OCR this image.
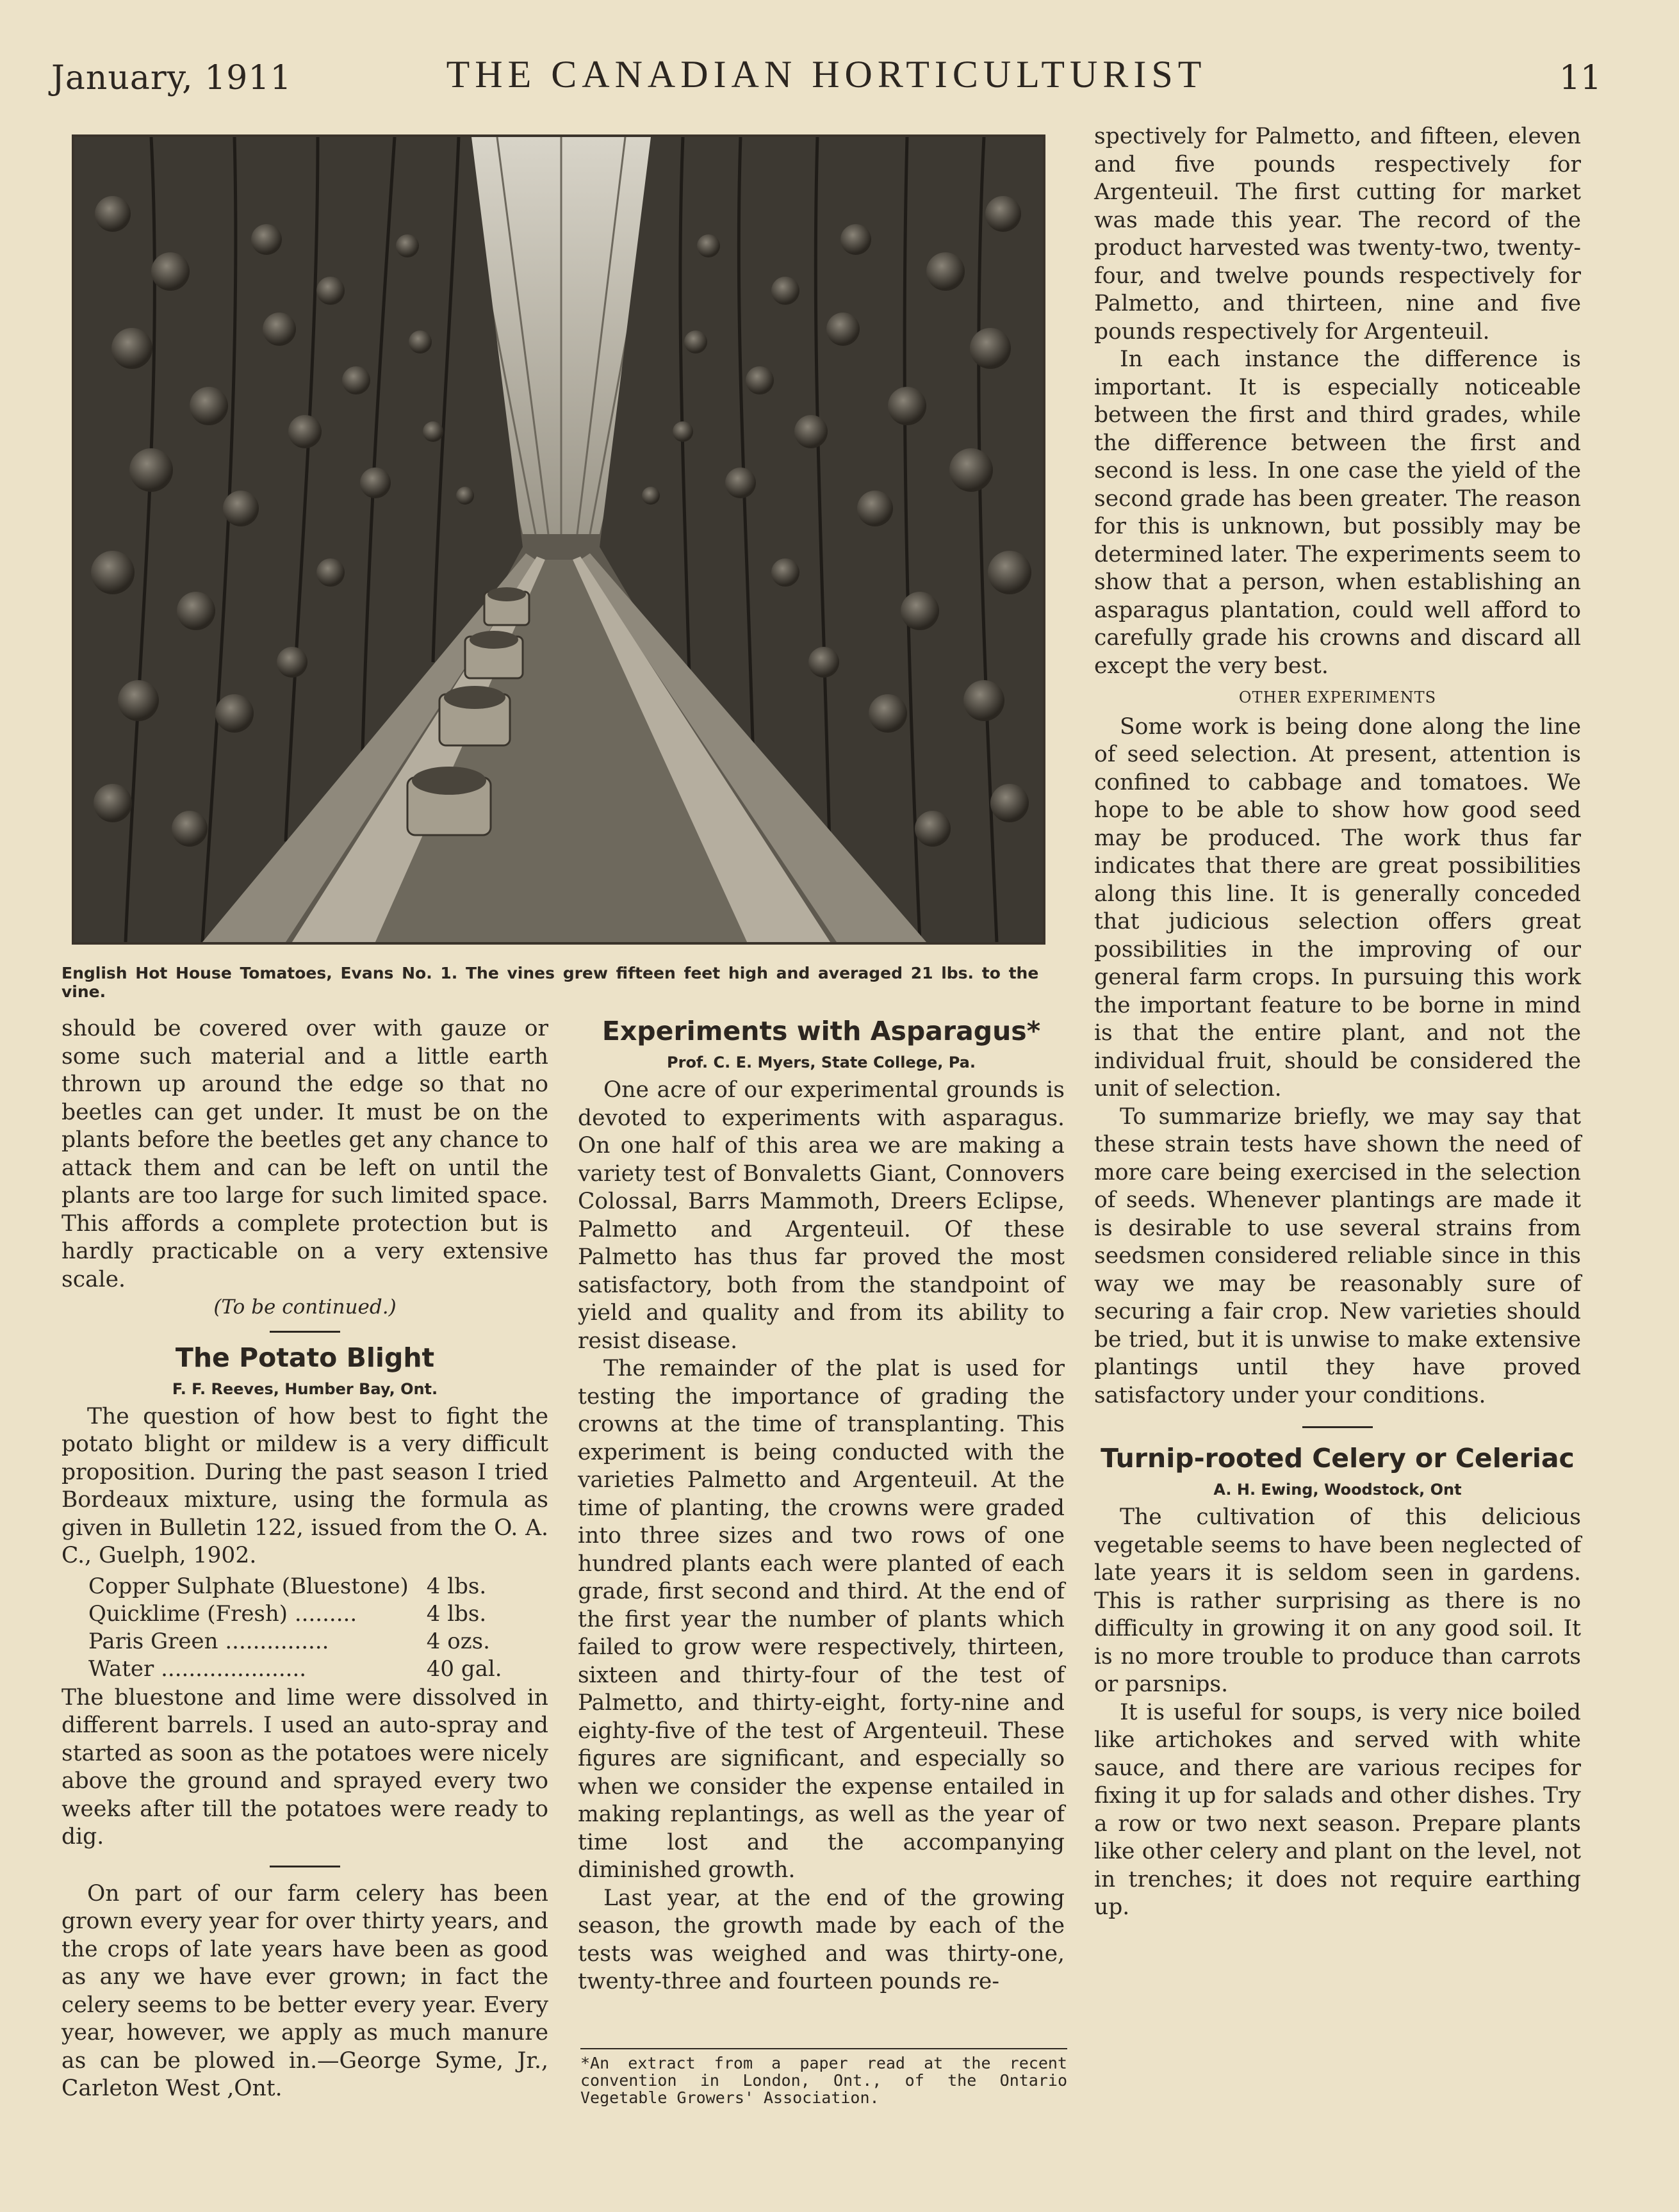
January, 1911	THE CANADIAN HORTICULTURIST	11
English Hot House Tomatoes, Evans No. 1. The vines grew fifteen feet high and averaged 21 lbs. to the vine.

should be covered over with gauze or some such material and a little earth thrown up around the edge so that no beetles can get under. It must be on the plants before the beetles get any chance to attack them and can be left on until the plants are too large for such limited space. This affords a complete protection but is hardly practicable on a very extensive scale.

(To be continued.)
The Potato Blight
F. F. Reeves, Humber Bay, Ont.

The question of how best to fight the potato blight or mildew is a very difficult proposition. During the past season I tried Bordeaux mixture, using the formula as given in Bulletin 122, issued from the O. A. C., Guelph, 1902.

Copper Sulphate (Bluestone)	4 lbs.
Quicklime (Fresh) .........	4 lbs.
Paris Green ...............	4 ozs.
Water .....................	40 gal.

The bluestone and lime were dissolved in different barrels. I used an auto-spray and started as soon as the potatoes were nicely above the ground and sprayed every two weeks after till the potatoes were ready to dig.

On part of our farm celery has been grown every year for over thirty years, and the crops of late years have been as good as any we have ever grown; in fact the celery seems to be better every year. Every year, however, we apply as much manure as can be plowed in.—George Syme, Jr., Carleton West ,Ont.

Experiments with Asparagus*
Prof. C. E. Myers, State College, Pa.

One acre of our experimental grounds is devoted to experiments with asparagus. On one half of this area we are making a variety test of Bonvaletts Giant, Connovers Colossal, Barrs Mammoth, Dreers Eclipse, Palmetto and Argenteuil. Of these Palmetto has thus far proved the most satisfactory, both from the standpoint of yield and quality and from its ability to resist disease.

The remainder of the plat is used for testing the importance of grading the crowns at the time of transplanting. This experiment is being conducted with the varieties Palmetto and Argenteuil. At the time of planting, the crowns were graded into three sizes and two rows of one hundred plants each were planted of each grade, first second and third. At the end of the first year the number of plants which failed to grow were respectively, thirteen, sixteen and thirty-four of the test of Palmetto, and thirty-eight, forty-nine and eighty-five of the test of Argenteuil. These figures are significant, and especially so when we consider the expense entailed in making replantings, as well as the year of time lost and the accompanying diminished growth.

Last year, at the end of the growing season, the growth made by each of the tests was weighed and was thirty-one, twenty-three and fourteen pounds re-

*An extract from a paper read at the recent convention in London, Ont., of the Ontario Vegetable Growers' Association.

spectively for Palmetto, and fifteen, eleven and five pounds respectively for Argenteuil. The first cutting for market was made this year. The record of the product harvested was twenty-two, twenty-four, and twelve pounds respectively for Palmetto, and thirteen, nine and five pounds respectively for Argenteuil.

In each instance the difference is important. It is especially noticeable between the first and third grades, while the difference between the first and second is less. In one case the yield of the second grade has been greater. The reason for this is unknown, but possibly may be determined later. The experiments seem to show that a person, when establishing an asparagus plantation, could well afford to carefully grade his crowns and discard all except the very best.

OTHER EXPERIMENTS

Some work is being done along the line of seed selection. At present, attention is confined to cabbage and tomatoes. We hope to be able to show how good seed may be produced. The work thus far indicates that there are great possibilities along this line. It is generally conceded that judicious selection offers great possibilities in the improving of our general farm crops. In pursuing this work the important feature to be borne in mind is that the entire plant, and not the individual fruit, should be considered the unit of selection.

To summarize briefly, we may say that these strain tests have shown the need of more care being exercised in the selection of seeds. Whenever plantings are made it is desirable to use several strains from seedsmen considered reliable since in this way we may be reasonably sure of securing a fair crop. New varieties should be tried, but it is unwise to make extensive plantings until they have proved satisfactory under your conditions.

Turnip-rooted Celery or Celeriac
A. H. Ewing, Woodstock, Ont

The cultivation of this delicious vegetable seems to have been neglected of late years it is seldom seen in gardens. This is rather surprising as there is no difficulty in growing it on any good soil. It is no more trouble to produce than carrots or parsnips.

It is useful for soups, is very nice boiled like artichokes and served with white sauce, and there are various recipes for fixing it up for salads and other dishes. Try a row or two next season. Prepare plants like other celery and plant on the level, not in trenches; it does not require earthing up.
